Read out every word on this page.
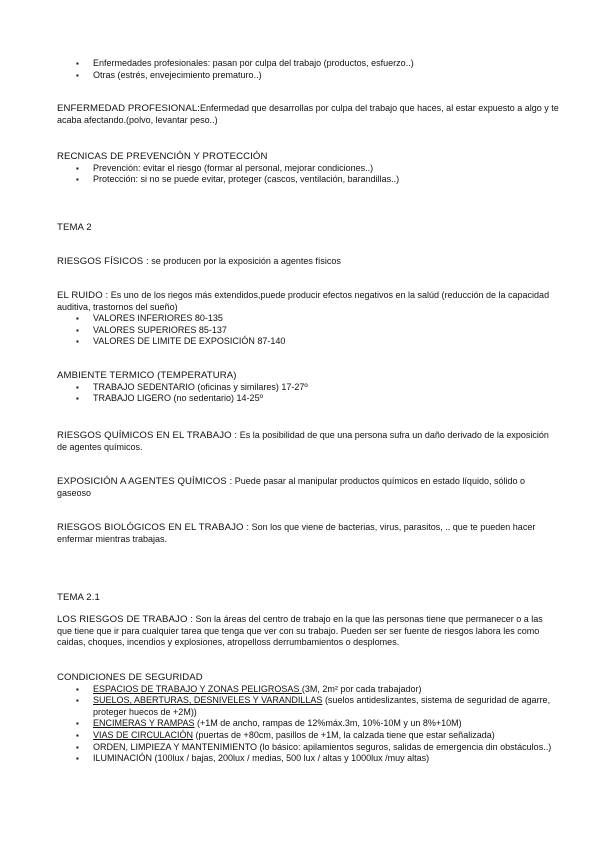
▪ Enfermedades profesionales: pasan por culpa del trabajo (productos, esfuerzo..)
▪ Otras (estrés, envejecimiento prematuro..)
ENFERMEDAD PROFESIONAL:Enfermedad que desarrollas por culpa del trabajo que haces, al estar expuesto a algo y te acaba afectando.(polvo, levantar peso..)
RECNICAS DE PREVENCIÓN Y PROTECCIÓN
▪ Prevención: evitar el riesgo (formar al personal, mejorar condiciones..)
▪ Protección: si no se puede evitar, proteger (cascos, ventilación, barandillas..)
TEMA 2
RIESGOS FÍSICOS : se producen por la exposición a agentes físicos
EL RUIDO : Es uno de los riegos más extendidos,puede producir efectos negativos en la salúd (reducción de la capacidad auditiva, trastornos del sueño)
▪ VALORES INFERIORES 80-135
▪ VALORES SUPERIORES 85-137
▪ VALORES DE LIMITE DE EXPOSICIÓN 87-140
AMBIENTE TERMICO (TEMPERATURA)
▪ TRABAJO SEDENTARIO (oficinas y similares) 17-27º
▪ TRABAJO LIGERO (no sedentario) 14-25º
RIESGOS QUÍMICOS EN EL TRABAJO : Es la posibilidad de que una persona sufra un daño derivado de la exposición de agentes químicos.
EXPOSICIÓN A AGENTES QUÍMICOS : Puede pasar al manipular productos químicos en estado líquido, sólido o gaseoso
RIESGOS BIOLÓGICOS EN EL TRABAJO : Son los que viene de bacterias, virus, parasitos, .. que te pueden hacer enfermar mientras trabajas.
TEMA 2.1
LOS RIESGOS DE TRABAJO : Son la áreas del centro de trabajo en la que las personas tiene que permanecer o a las que tiene que ir para cualquier tarea que tenga que ver con su trabajo. Pueden ser ser fuente de riesgos labora les como caidas, choques, incendios y explosiones, atropelloss derrumbamientos o desplomes.
CONDICIONES DE SEGURIDAD
▪ ESPACIOS DE TRABAJO Y ZONAS PELIGROSAS (3M, 2m² por cada trabajador)
▪ SUELOS, ABERTURAS, DESNIVELES Y VARANDILLAS (suelos antideslizantes, sistema de seguridad de agarre, proteger huecos de +2M))
▪ ENCIMERAS Y RAMPAS (+1M de ancho, rampas de 12%máx.3m, 10%-10M y un 8%+10M)
▪ VIAS DE CIRCULACIÓN (puertas de +80cm, pasillos de +1M, la calzada tiene que estar señalizada)
▪ ORDEN, LIMPIEZA Y MANTENIMIENTO (lo básico: apilamientos seguros, salidas de emergencia din obstáculos..)
▪ ILUMINACIÓN (100lux / bajas, 200lux / medias, 500 lux / altas y 1000lux /muy altas)
